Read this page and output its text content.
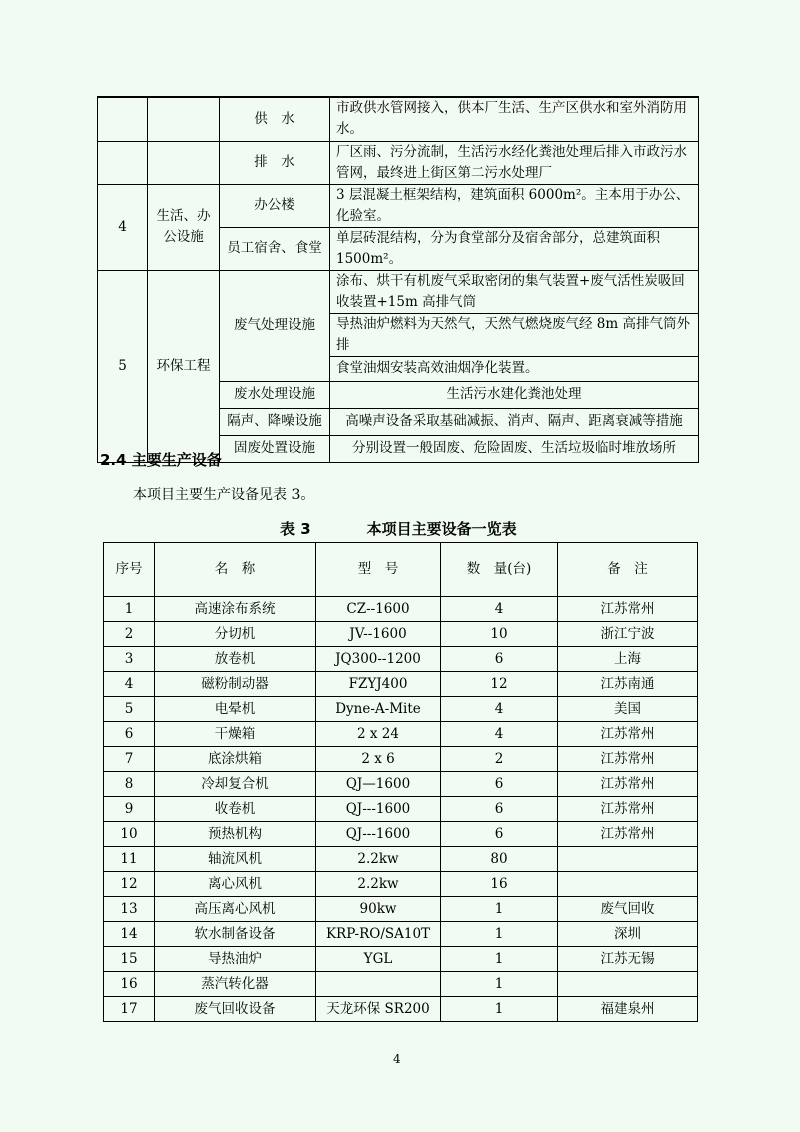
		供　水	市政供水管网接入，供本厂生活、生产区供水和室外消防用水。
		排　水	厂区雨、污分流制，生活污水经化粪池处理后排入市政污水管网，最终进上街区第二污水处理厂
4	生活、办公设施	办公楼	3 层混凝土框架结构，建筑面积 6000m²。主本用于办公、化验室。
		员工宿舍、食堂	单层砖混结构，分为食堂部分及宿舍部分，总建筑面积 1500m²。
5	环保工程	废气处理设施	涂布、烘干有机废气采取密闭的集气装置+废气活性炭吸回收装置+15m 高排气筒
			导热油炉燃料为天然气，天然气燃烧废气经 8m 高排气筒外排
			食堂油烟安装高效油烟净化装置。
		废水处理设施	生活污水建化粪池处理
		隔声、降噪设施	高噪声设备采取基础减振、消声、隔声、距离衰减等措施
		固废处置设施	分别设置一般固废、危险固废、生活垃圾临时堆放场所
2.4 主要生产设备
本项目主要生产设备见表 3。
表 3	本项目主要设备一览表
序号	名　称	型　号	数　量(台)	备　注
1	高速涂布系统	CZ--1600	4	江苏常州
2	分切机	JV--1600	10	浙江宁波
3	放卷机	JQ300--1200	6	上海
4	磁粉制动器	FZYJ400	12	江苏南通
5	电晕机	Dyne-A-Mite	4	美国
6	干燥箱	2 x 24	4	江苏常州
7	底涂烘箱	2 x 6	2	江苏常州
8	冷却复合机	QJ—1600	6	江苏常州
9	收卷机	QJ---1600	6	江苏常州
10	预热机构	QJ---1600	6	江苏常州
11	轴流风机	2.2kw	80	
12	离心风机	2.2kw	16	
13	高压离心风机	90kw	1	废气回收
14	软水制备设备	KRP-RO/SA10T	1	深圳
15	导热油炉	YGL	1	江苏无锡
16	蒸汽转化器		1	
17	废气回收设备	天龙环保 SR200	1	福建泉州
4
